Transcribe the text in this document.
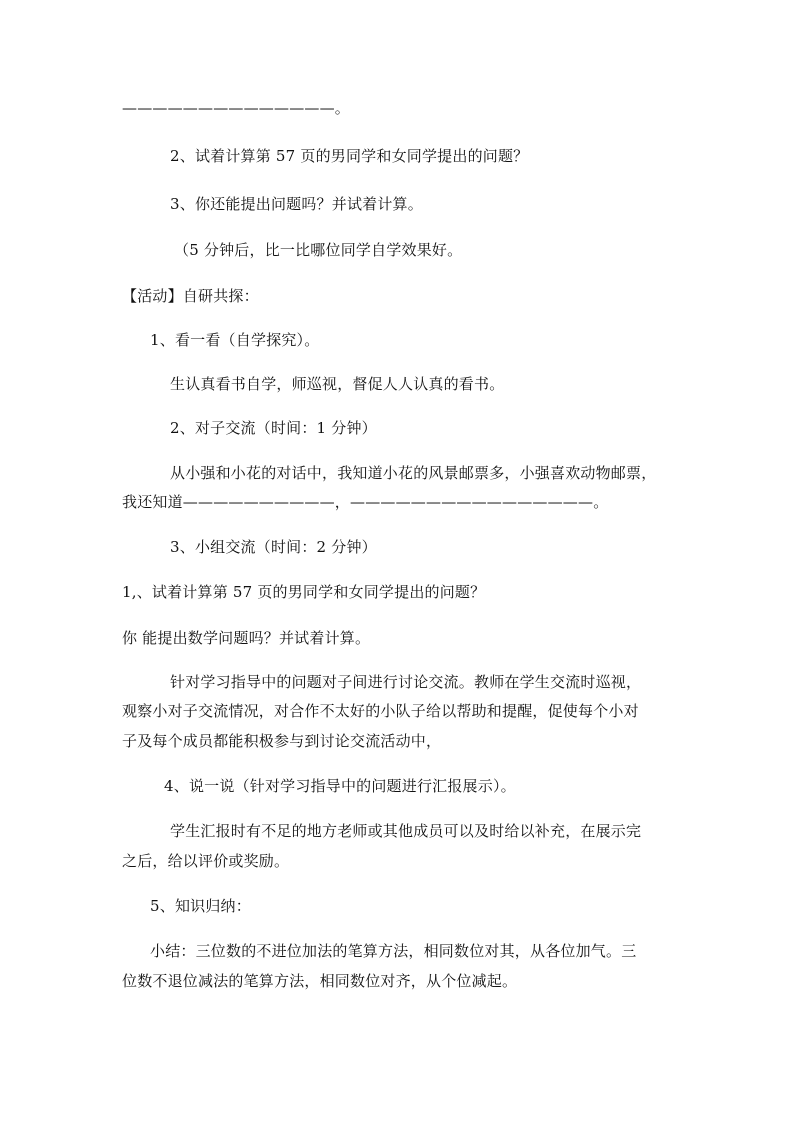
——————————————。
2、试着计算第 57 页的男同学和女同学提出的问题？
3、你还能提出问题吗？并试着计算。
（5 分钟后，比一比哪位同学自学效果好。
【活动】自研共探：
1、看一看（自学探究）。
生认真看书自学，师巡视，督促人人认真的看书。
2、对子交流（时间：1 分钟）
从小强和小花的对话中，我知道小花的风景邮票多，小强喜欢动物邮票，
我还知道——————————，————————————————。
3、小组交流（时间：2 分钟）
1,、试着计算第 57 页的男同学和女同学提出的问题？
你 能提出数学问题吗？并试着计算。
针对学习指导中的问题对子间进行讨论交流。教师在学生交流时巡视，
观察小对子交流情况，对合作不太好的小队子给以帮助和提醒，促使每个小对
子及每个成员都能积极参与到讨论交流活动中，
4、说一说（针对学习指导中的问题进行汇报展示）。
学生汇报时有不足的地方老师或其他成员可以及时给以补充，在展示完
之后，给以评价或奖励。
5、知识归纳：
小结：三位数的不进位加法的笔算方法，相同数位对其，从各位加气。三
位数不退位减法的笔算方法，相同数位对齐，从个位减起。
